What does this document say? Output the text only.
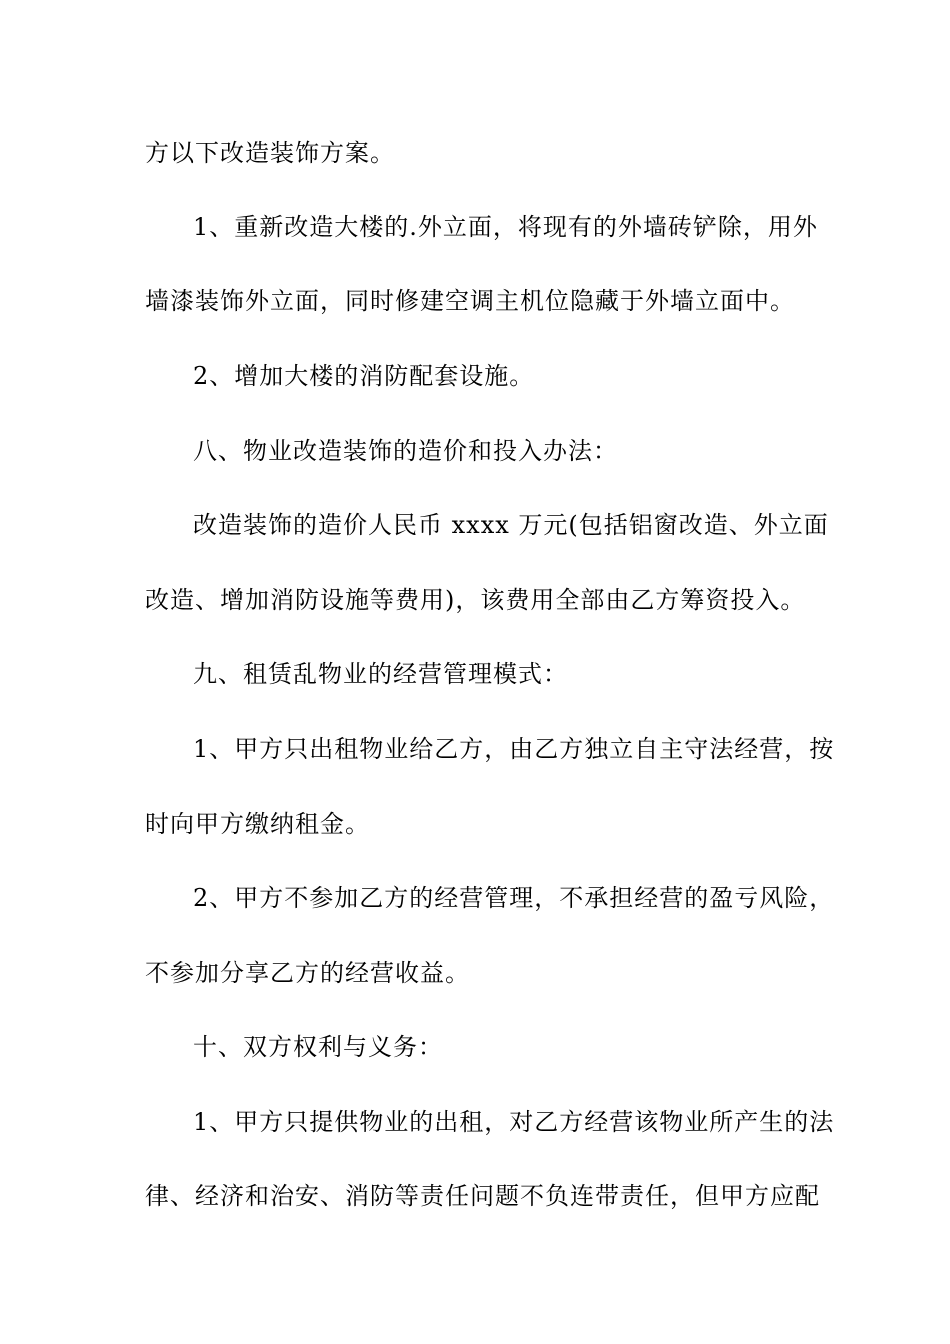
方以下改造装饰方案。
1、重新改造大楼的.外立面，将现有的外墙砖铲除，用外
墙漆装饰外立面，同时修建空调主机位隐藏于外墙立面中。
2、增加大楼的消防配套设施。
八、物业改造装饰的造价和投入办法：
改造装饰的造价人民币 xxxx 万元(包括铝窗改造、外立面
改造、增加消防设施等费用)，该费用全部由乙方筹资投入。
九、租赁乱物业的经营管理模式：
1、甲方只出租物业给乙方，由乙方独立自主守法经营，按
时向甲方缴纳租金。
2、甲方不参加乙方的经营管理，不承担经营的盈亏风险，
不参加分享乙方的经营收益。
十、双方权利与义务：
1、甲方只提供物业的出租，对乙方经营该物业所产生的法
律、经济和治安、消防等责任问题不负连带责任，但甲方应配
